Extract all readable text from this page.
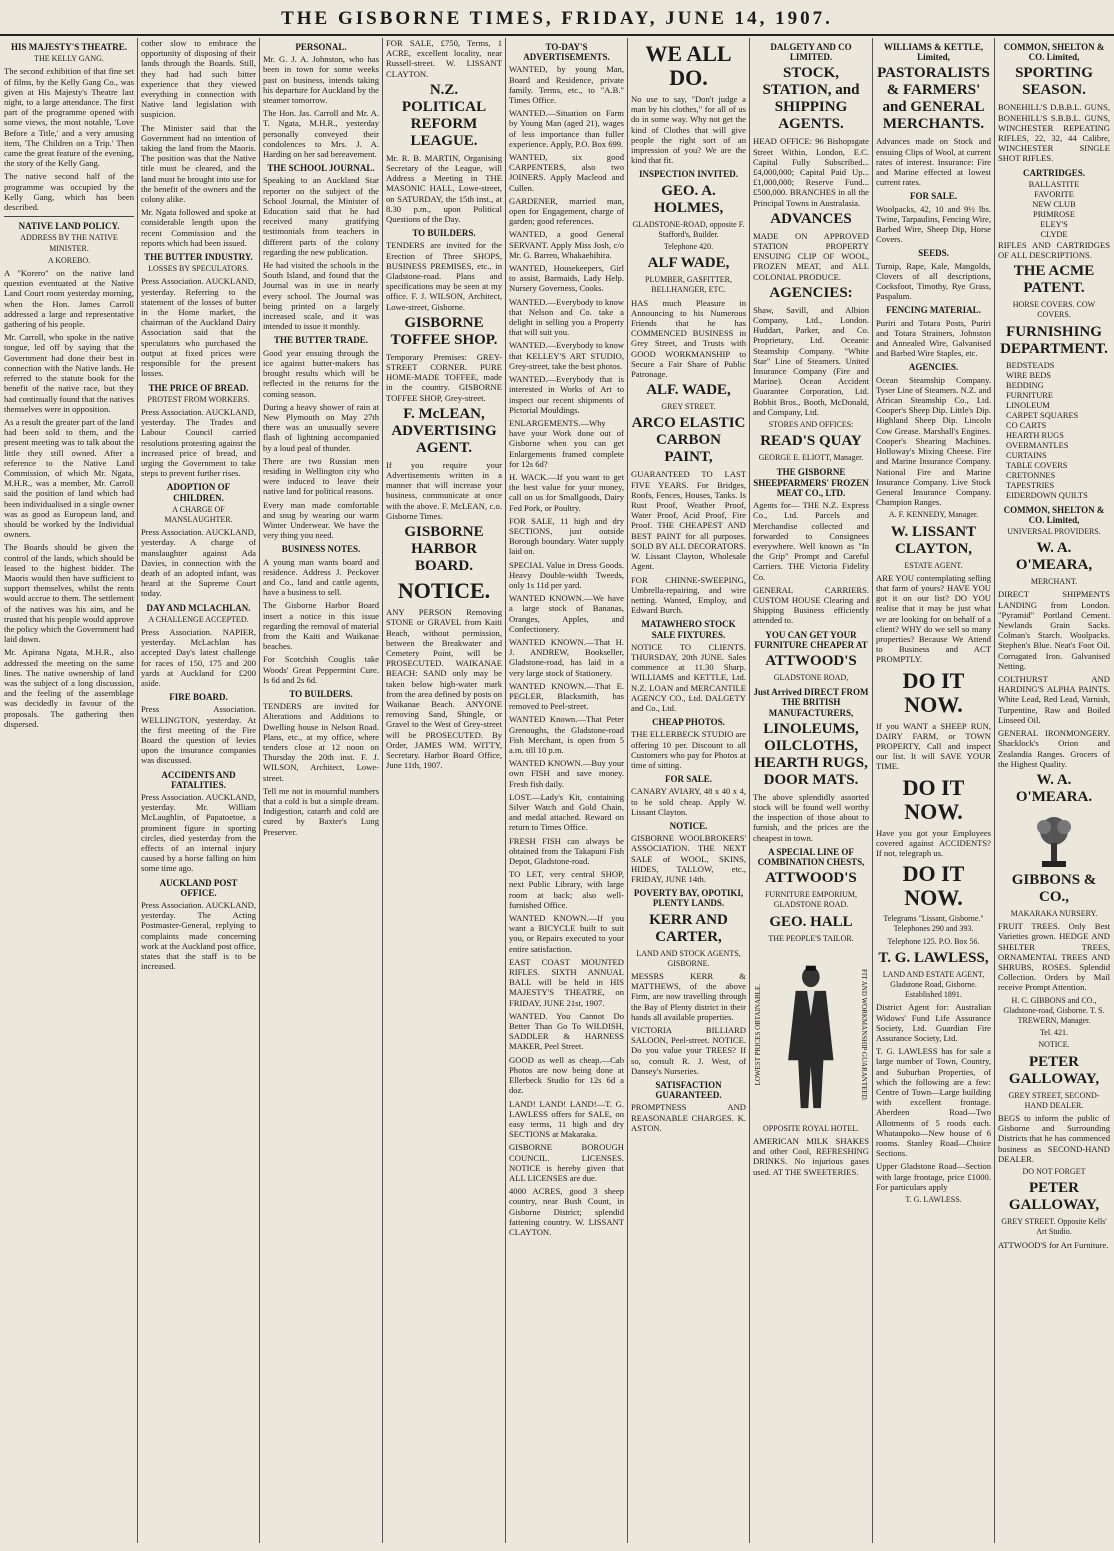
THE GISBORNE TIMES, FRIDAY, JUNE 14, 1907.
HIS MAJESTY'S THEATRE.
THE KELLY GANG.

The second exhibition of that fine set of films, by the Kelly Gang Co., was given at His Majesty's Theatre last night, to a large attendance. The first part of the programme opened with some views, the most notable, 'Love Before a Title,' and a very amusing item, 'The Children on a Trip.' Then came the great feature of the evening, the story of the Kelly Gang.

The native second half of the programme was occupied by the Kelly Gang, which has been described.

NATIVE LAND POLICY.
ADDRESS BY THE NATIVE MINISTER.
A KOREBO.

A "Korero" on the native land question eventuated at the Native Land Court room yesterday morning, when the Hon. James Carroll addressed a large and representative gathering of his people.

Mr. Carroll, who spoke in the native tongue, led off by saying that the Government had done their best in connection with the Native lands. He referred to the statute book for the benefit of the native race, but they had continually found that the natives themselves were in opposition.

As a result the greater part of the land had been sold to them, and the present meeting was to talk about the little they still owned. After a reference to the Native Land Commission, of which Mr. Ngata, M.H.R., was a member, Mr. Carroll said the position of land which had been individualised in a single owner was as good as European land, and should be worked by the Individual owners.

The Boards should be given the control of the lands, which should be leased to the highest bidder. The Maoris would then have sufficient to support themselves, whilst the rents would accrue to them. The settlement of the natives was his aim, and he trusted that his people would approve the policy which the Government had laid down.

Mr. Apirana Ngata, M.H.R., also addressed the meeting on the same lines. The native ownership of land was the subject of a long discussion, and the feeling of the assemblage was decidedly in favour of the proposals. The gathering then dispersed.

cother slow to embrace the opportunity of disposing of their lands through the Boards. Still, they had had such bitter experience that they viewed everything in connection with Native land legislation with suspicion.

The Minister said that the Government had no intention of taking the land from the Maoris. The position was that the Native title must be cleared, and the land must be brought into use for the benefit of the owners and the colony alike.

Mr. Ngata followed and spoke at considerable length upon the recent Commission and the reports which had been issued.

THE BUTTER INDUSTRY.
LOSSES BY SPECULATORS.

Press Association. AUCKLAND, yesterday. Referring to the statement of the losses of butter in the Home market, the chairman of the Auckland Dairy Association said that the speculators who purchased the output at fixed prices were responsible for the present losses.

THE PRICE OF BREAD.
PROTEST FROM WORKERS.

Press Association. AUCKLAND, yesterday. The Trades and Labour Council carried resolutions protesting against the increased price of bread, and urging the Government to take steps to prevent further rises.

ADOPTION OF CHILDREN.
A CHARGE OF MANSLAUGHTER.

Press Association. AUCKLAND, yesterday. A charge of manslaughter against Ada Davies, in connection with the death of an adopted infant, was heard at the Supreme Court today.

DAY AND MCLACHLAN.
A CHALLENGE ACCEPTED.

Press Association. NAPIER, yesterday. McLachlan has accepted Day's latest challenge for races of 150, 175 and 200 yards at Auckland for £200 aside.

FIRE BOARD.

Press Association. WELLINGTON, yesterday. At the first meeting of the Fire Board the question of levies upon the insurance companies was discussed.

ACCIDENTS AND FATALITIES.

Press Association. AUCKLAND, yesterday. Mr. William McLaughlin, of Papatoetoe, a prominent figure in sporting circles, died yesterday from the effects of an internal injury caused by a horse falling on him some time ago.

AUCKLAND POST OFFICE.

Press Association. AUCKLAND, yesterday. The Acting Postmaster-General, replying to complaints made concerning work at the Auckland post office, states that the staff is to be increased.

PERSONAL.

Mr. G. J. A. Johnston, who has been in town for some weeks past on business, intends taking his departure for Auckland by the steamer tomorrow.

The Hon. Jas. Carroll and Mr. A. T. Ngata, M.H.R., yesterday personally conveyed their condolences to Mrs. J. A. Harding on her sad bereavement.

THE SCHOOL JOURNAL.

Speaking to an Auckland Star reporter on the subject of the School Journal, the Minister of Education said that he had received many gratifying testimonials from teachers in different parts of the colony regarding the new publication.

He had visited the schools in the South Island, and found that the Journal was in use in nearly every school. The Journal was being printed on a largely increased scale, and it was intended to issue it monthly.

THE BUTTER TRADE.

Good year ensuing through the ice against butter-makers has brought results which will be reflected in the returns for the coming season.

During a heavy shower of rain at New Plymouth on May 27th there was an unusually severe flash of lightning accompanied by a loud peal of thunder.

There are two Russian men residing in Wellington city who were induced to leave their native land for political reasons.

Every man made comfortable and snug by wearing our warm Winter Underwear. We have the very thing you need.

BUSINESS NOTES.

A young man wants board and residence. Address J. Peckover and Co., land and cattle agents, have a business to sell.

The Gisborne Harbor Board insert a notice in this issue regarding the removal of material from the Kaiti and Waikanae beaches.

For Scotchish Couglis take Woods' Great Peppermint Cure. Is 6d and 2s 6d.

TO BUILDERS.

TENDERS are invited for Alterations and Additions to Dwelling house in Nelson Road. Plans, etc., at my office, where tenders close at 12 noon on Thursday the 20th inst. F. J. WILSON, Architect, Lowe-street.

Tell me not in mournful numbers that a cold is but a simple dream. Indigestion, catarrh and cold are cured by Baxter's Lung Preserver.

FOR SALE, £750, Terms, 1 ACRE, excellent locality, near Russell-street. W. LISSANT CLAYTON.

N.Z. POLITICAL REFORM LEAGUE.

Mr. R. B. MARTIN, Organising Secretary of the League, will Address a Meeting in THE MASONIC HALL, Lowe-street, on SATURDAY, the 15th inst., at 8.30 p.m., upon Political Questions of the Day.

TO BUILDERS.

TENDERS are invited for the Erection of Three SHOPS, BUSINESS PREMISES, etc., in Gladstone-road. Plans and specifications may be seen at my office. F. J. WILSON, Architect, Lowe-street, Gisborne.

GISBORNE TOFFEE SHOP.

Temporary Premises: GREY-STREET CORNER. PURE HOME-MADE TOFFEE, made in the country. GISBORNE TOFFEE SHOP, Grey-street.

F. McLEAN, ADVERTISING AGENT.

If you require your Advertisements written in a manner that will increase your business, communicate at once with the above. F. McLEAN, c.o. Gisborne Times.

GISBORNE HARBOR BOARD.
NOTICE.

ANY PERSON Removing STONE or GRAVEL from Kaiti Beach, without permission, between the Breakwater and Cemetery Point, will be PROSECUTED. WAIKANAE BEACH: SAND only may be taken below high-water mark from the area defined by posts on Waikanae Beach. ANYONE removing Sand, Shingle, or Gravel to the West of Grey-street will be PROSECUTED. By Order, JAMES WM. WITTY, Secretary. Harbor Board Office, June 11th, 1907.

TO-DAY'S ADVERTISEMENTS.

WANTED, by young Man, Board and Residence, private family. Terms, etc., to "A.B." Times Office.

WANTED.—Situation on Farm by Young Man (aged 21), wages of less importance than fuller experience. Apply, P.O. Box 699.

WANTED, six good CARPENTERS, also two JOINERS. Apply Macleod and Cullen.

GARDENER, married man, open for Engagement, charge of garden; good references.

WANTED, a good General SERVANT. Apply Miss Josh, c/o Mr. G. Barren, Whakaehihira.

WANTED, Housekeepers, Girl to assist, Barmaids, Lady Help. Nursery Governess, Cooks.

WANTED.—Everybody to know that Nelson and Co. take a delight in selling you a Property that will suit you.

WANTED.—Everybody to know that KELLEY'S ART STUDIO, Grey-street, take the best photos.

WANTED.—Everybody that is interested in Works of Art to inspect our recent shipments of Pictorial Mouldings.

ENLARGEMENTS.—Why have your Work done out of Gisborne when you can get Enlargements framed complete for 12s 6d?

H. WACK.—If you want to get the best value for your money, call on us for Smallgoods, Dairy Fed Pork, or Poultry.

FOR SALE, 11 high and dry SECTIONS, just outside Borough boundary. Water supply laid on.

SPECIAL Value in Dress Goods. Heavy Double-width Tweeds, only 1s 11d per yard.

WANTED KNOWN.—We have a large stock of Bananas, Oranges, Apples, and Confectionery.

WANTED KNOWN.—That H. J. ANDREW, Bookseller, Gladstone-road, has laid in a very large stock of Stationery.

WANTED KNOWN.—That E. PEGLER, Blacksmith, has removed to Peel-street.

WANTED Known.—That Peter Grenoughs, the Gladstone-road Fish Merchant, is open from 5 a.m. till 10 p.m.

WANTED KNOWN.—Buy your own FISH and save money. Fresh fish daily.

LOST.—Lady's Kit, containing Silver Watch and Gold Chain, and medal attached. Reward on return to Times Office.

FRESH FISH can always be obtained from the Takapuni Fish Depot, Gladstone-road.

TO LET, very central SHOP, next Public Library, with large room at back; also well-furnished Office.

WANTED KNOWN.—If you want a BICYCLE built to suit you, or Repairs executed to your entire satisfaction.

EAST COAST MOUNTED RIFLES. SIXTH ANNUAL BALL will be held in HIS MAJESTY'S THEATRE, on FRIDAY, JUNE 21st, 1907.

WANTED. You Cannot Do Better Than Go To WILDISH, SADDLER & HARNESS MAKER, Peel Street.

GOOD as well as cheap.—Cab Photos are now being done at Ellerbeck Studio for 12s 6d a doz.

LAND! LAND! LAND!—T. G. LAWLESS offers for SALE, on easy terms, 11 high and dry SECTIONS at Makaraka.

GISBORNE BOROUGH COUNCIL. LICENSES. NOTICE is hereby given that ALL LICENSES are due.

4000 ACRES, good 3 sheep country, near Bush Count, in Gisborne District; splendid fattening country. W. LISSANT CLAYTON.

WE ALL DO.

No use to say, "Don't judge a man by his clothes," for all of us do in some way. Why not get the kind of Clothes that will give people the right sort of an impression of you? We are the kind that fit.

INSPECTION INVITED.
GEO. A. HOLMES,
GLADSTONE-ROAD, opposite F. Stafford's, Builder.
Telephone 420.
ALF WADE,
PLUMBER, GASFITTER, BELLHANGER, ETC.

HAS much Pleasure in Announcing to his Numerous Friends that he has COMMENCED BUSINESS in Grey Street, and Trusts with GOOD WORKMANSHIP to Secure a Fair Share of Public Patronage.

ALF. WADE,
GREY STREET.
ARCO ELASTIC CARBON PAINT,

GUARANTEED TO LAST FIVE YEARS. For Bridges, Roofs, Fences, Houses, Tanks. Is Rust Proof, Weather Proof, Water Proof, Acid Proof, Fire Proof. THE CHEAPEST AND BEST PAINT for all purposes. SOLD BY ALL DECORATORS. W. Lissant Clayton, Wholesale Agent.

FOR CHINNE-SWEEPING, Umbrella-repairing, and wire netting. Wanted, Employ, and Edward Burch.

MATAWHERO STOCK SALE FIXTURES.

NOTICE TO CLIENTS. THURSDAY, 20th JUNE. Sales commence at 11.30 Sharp. WILLIAMS and KETTLE, Ltd. N.Z. LOAN and MERCANTILE AGENCY CO., Ltd. DALGETY and Co., Ltd.

CHEAP PHOTOS.

THE ELLERBECK STUDIO are offering 10 per. Discount to all Customers who pay for Photos at time of sitting.

FOR SALE.

CANARY AVIARY, 48 x 40 x 4, to be sold cheap. Apply W. Lissant Clayton.

NOTICE.

GISBORNE WOOLBROKERS' ASSOCIATION. THE NEXT SALE of WOOL, SKINS, HIDES, TALLOW, etc., FRIDAY, JUNE 14th.

POVERTY BAY, OPOTIKI, PLENTY LANDS.
KERR AND CARTER,
LAND AND STOCK AGENTS, GISBORNE.

MESSRS KERR & MATTHEWS, of the above Firm, are now travelling through the Bay of Plenty district in their hands all available properties.

VICTORIA BILLIARD SALOON, Peel-street. NOTICE. Do you value your TREES? If so, consult R. J. West, of Dansey's Nurseries.

SATISFACTION GUARANTEED.

PROMPTNESS AND REASONABLE CHARGES. K. ASTON.

DALGETY AND CO LIMITED.
STOCK, STATION, and SHIPPING AGENTS.

HEAD OFFICE: 96 Bishopsgate Street Within, London, E.C. Capital Fully Subscribed...£4,000,000; Capital Paid Up...£1,000,000; Reserve Fund...£500,000. BRANCHES in all the Principal Towns in Australasia.

ADVANCES

MADE ON APPROVED STATION PROPERTY ENSUING CLIP OF WOOL, FROZEN MEAT, and ALL COLONIAL PRODUCE.

AGENCIES:

Shaw, Savill, and Albion Company, Ltd., London. Huddart, Parker, and Co. Proprietary, Ltd. Oceanic Steamship Company. "White Star" Line of Steamers. United Insurance Company (Fire and Marine). Ocean Accident Guarantee Corporation, Ltd. Bobbit Bros., Booth, McDonald, and Company, Ltd.

STORES AND OFFICES:
READ'S QUAY
GEORGE E. ELIOTT, Manager.
THE GISBORNE SHEEPFARMERS' FROZEN MEAT CO., LTD.

Agents for— THE N.Z. Express Co., Ltd. Parcels and Merchandise collected and forwarded to Consignees everywhere. Well known as "In the Grip" Prompt and Careful Carriers. THE Victoria Fidelity Co.

GENERAL CARRIERS. CUSTOM HOUSE Clearing and Shipping Business efficiently attended to.

YOU CAN GET YOUR FURNITURE CHEAPER AT
ATTWOOD'S
GLADSTONE ROAD,
Just Arrived DIRECT FROM THE BRITISH MANUFACTURERS,
LINOLEUMS, OILCLOTHS, HEARTH RUGS, DOOR MATS.

The above splendidly assorted stock will be found well worthy the inspection of those about to furnish, and the prices are the cheapest in town.

A SPECIAL LINE OF COMBINATION CHESTS,
ATTWOOD'S
FURNITURE EMPORIUM, GLADSTONE ROAD.
GEO. HALL
THE PEOPLE'S TAILOR.
LOWEST PRICES OBTAINABLE.	FIT AND WORKMANSHIP GUARANTEED.
OPPOSITE ROYAL HOTEL.

AMERICAN MILK SHAKES and other Cool, REFRESHING DRINKS. No injurious gases used. AT THE SWEETERIES.

WILLIAMS & KETTLE, Limited,
PASTORALISTS & FARMERS' and GENERAL MERCHANTS.

Advances made on Stock and ensuing Clips of Wool, at current rates of interest. Insurance: Fire and Marine effected at lowest current rates.

FOR SALE.

Woolpacks, 42, 10 and 9½ lbs. Twine, Tarpaulins, Fencing Wire, Barbed Wire, Sheep Dip, Horse Covers.

SEEDS.

Turnip, Rape, Kale, Mangolds, Clovers of all descriptions, Cocksfoot, Timothy, Rye Grass, Paspalum.

FENCING MATERIAL.

Puriri and Totara Posts, Puriri and Totara Strainers, Johnston and Annealed Wire, Galvanised and Barbed Wire Staples, etc.

AGENCIES.

Ocean Steamship Company. Tyser Line of Steamers. N.Z. and African Steamship Co., Ltd. Cooper's Sheep Dip. Little's Dip. Highland Sheep Dip. Lincoln Cow Grease. Marshall's Engines. Cooper's Shearing Machines. Holloway's Mixing Cheese. Fire and Marine Insurance Company. National Fire and Marine Insurance Company. Live Stock General Insurance Company. Champion Ranges.

A. F. KENNEDY, Manager.
W. LISSANT CLAYTON,
ESTATE AGENT.

ARE YOU contemplating selling that farm of yours? HAVE YOU got it on our list? DO YOU realise that it may be just what we are looking for on behalf of a client? WHY do we sell so many properties? Because We Attend to Business and ACT PROMPTLY.

DO IT NOW.

If you WANT a SHEEP RUN, DAIRY FARM, or TOWN PROPERTY, Call and inspect our list. It will SAVE YOUR TIME.

DO IT NOW.

Have you got your Employees covered against ACCIDENTS? If not, telegraph us.

DO IT NOW.
Telegrams "Lissant, Gisborne." Telephones 290 and 393.
Telephone 125. P.O. Box 56.
T. G. LAWLESS,
LAND AND ESTATE AGENT, Gladstone Road, Gisborne. Established 1891.

District Agent for: Australian Widows' Fund Life Assurance Society, Ltd. Guardian Fire Assurance Society, Ltd.

T. G. LAWLESS has for sale a large number of Town, Country, and Suburban Properties, of which the following are a few: Centre of Town—Large building with excellent frontage. Aberdeen Road—Two Allotments of 5 roods each. Whataupoko—New house of 6 rooms. Stanley Road—Choice Sections.

Upper Gladstone Road—Section with large frontage, price £1000. For particulars apply

T. G. LAWLESS.
COMMON, SHELTON & CO. Limited,
SPORTING SEASON.

BONEHILL'S D.B.B.L. GUNS, BONEHILL'S S.B.B.L. GUNS, WINCHESTER REPEATING RIFLES, 22, 32, 44 Calibre, WINCHESTER SINGLE SHOT RIFLES.

CARTRIDGES.
BALLASTITE
FAVORITE
NEW CLUB
PRIMROSE
ELEY'S
CLYDE

RIFLES AND CARTRIDGES OF ALL DESCRIPTIONS.

THE ACME PATENT.
HORSE COVERS. COW COVERS.
FURNISHING DEPARTMENT.
BEDSTEADS
WIRE BEDS
BEDDING
FURNITURE
LINOLEUM
CARPET SQUARES
CO CARTS
HEARTH RUGS
OVERMANTLES
CURTAINS
TABLE COVERS
CRETONNES
TAPESTRIES
EIDERDOWN QUILTS
COMMON, SHELTON & CO. Limited,
UNIVERSAL PROVIDERS.
W. A. O'MEARA,
MERCHANT.

DIRECT SHIPMENTS LANDING from London. "Pyramid" Portland Cement. Newlands Grain Sacks. Colman's Starch. Woolpacks. Stephen's Blue. Neat's Foot Oil. Corrugated Iron. Galvanised Netting.

COLTHURST AND HARDING'S ALPHA PAINTS. White Lead, Red Lead, Varnish, Turpentine, Raw and Boiled Linseed Oil.

GENERAL IRONMONGERY. Shacklock's Orion and Zealandia Ranges. Grocers of the Highest Quality.

W. A. O'MEARA.
GIBBONS & CO.,
MAKARAKA NURSERY.

FRUIT TREES. Only Best Varieties grown. HEDGE AND SHELTER TREES, ORNAMENTAL TREES AND SHRUBS, ROSES. Splendid Collection. Orders by Mail receive Prompt Attention.

H. C. GIBBONS and CO., Gladstone-road, Gisborne. T. S. TREWERN, Manager.
Tel. 421.
NOTICE.
PETER GALLOWAY,
GREY STREET, SECOND-HAND DEALER.

BEGS to inform the public of Gisborne and Surrounding Districts that he has commenced business as SECOND-HAND DEALER.

DO NOT FORGET
PETER GALLOWAY,
GREY STREET. Opposite Kells' Art Studio.

ATTWOOD'S for Art Furniture.
